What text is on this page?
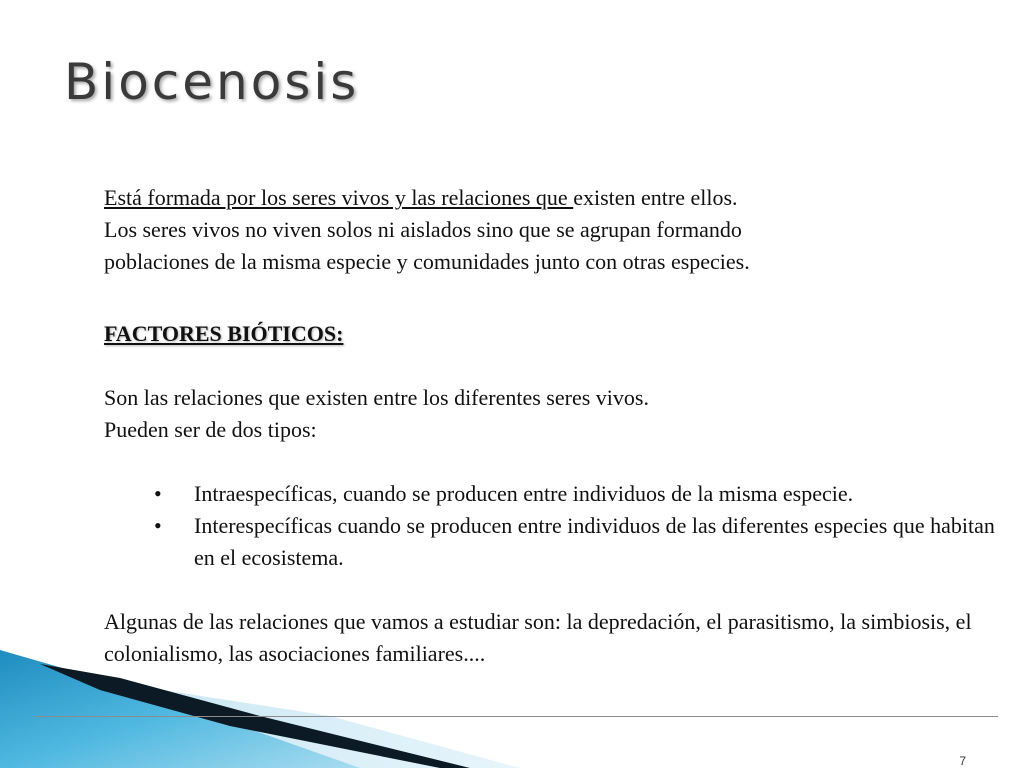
Biocenosis

Está formada por los seres vivos y las relaciones que existen entre ellos.

Los seres vivos no viven solos ni aislados sino que se agrupan formando

poblaciones de la misma especie y comunidades junto con otras especies.

FACTORES BIÓTICOS:

Son las relaciones que existen entre los diferentes seres vivos.

Pueden ser de dos tipos:

• Intraespecíficas, cuando se producen entre individuos de la misma especie.
• Interespecíficas cuando se producen entre individuos de las diferentes especies que habitan en el ecosistema.

Algunas de las relaciones que vamos a estudiar son: la depredación, el parasitismo, la simbiosis, el colonialismo, las asociaciones familiares....

7
